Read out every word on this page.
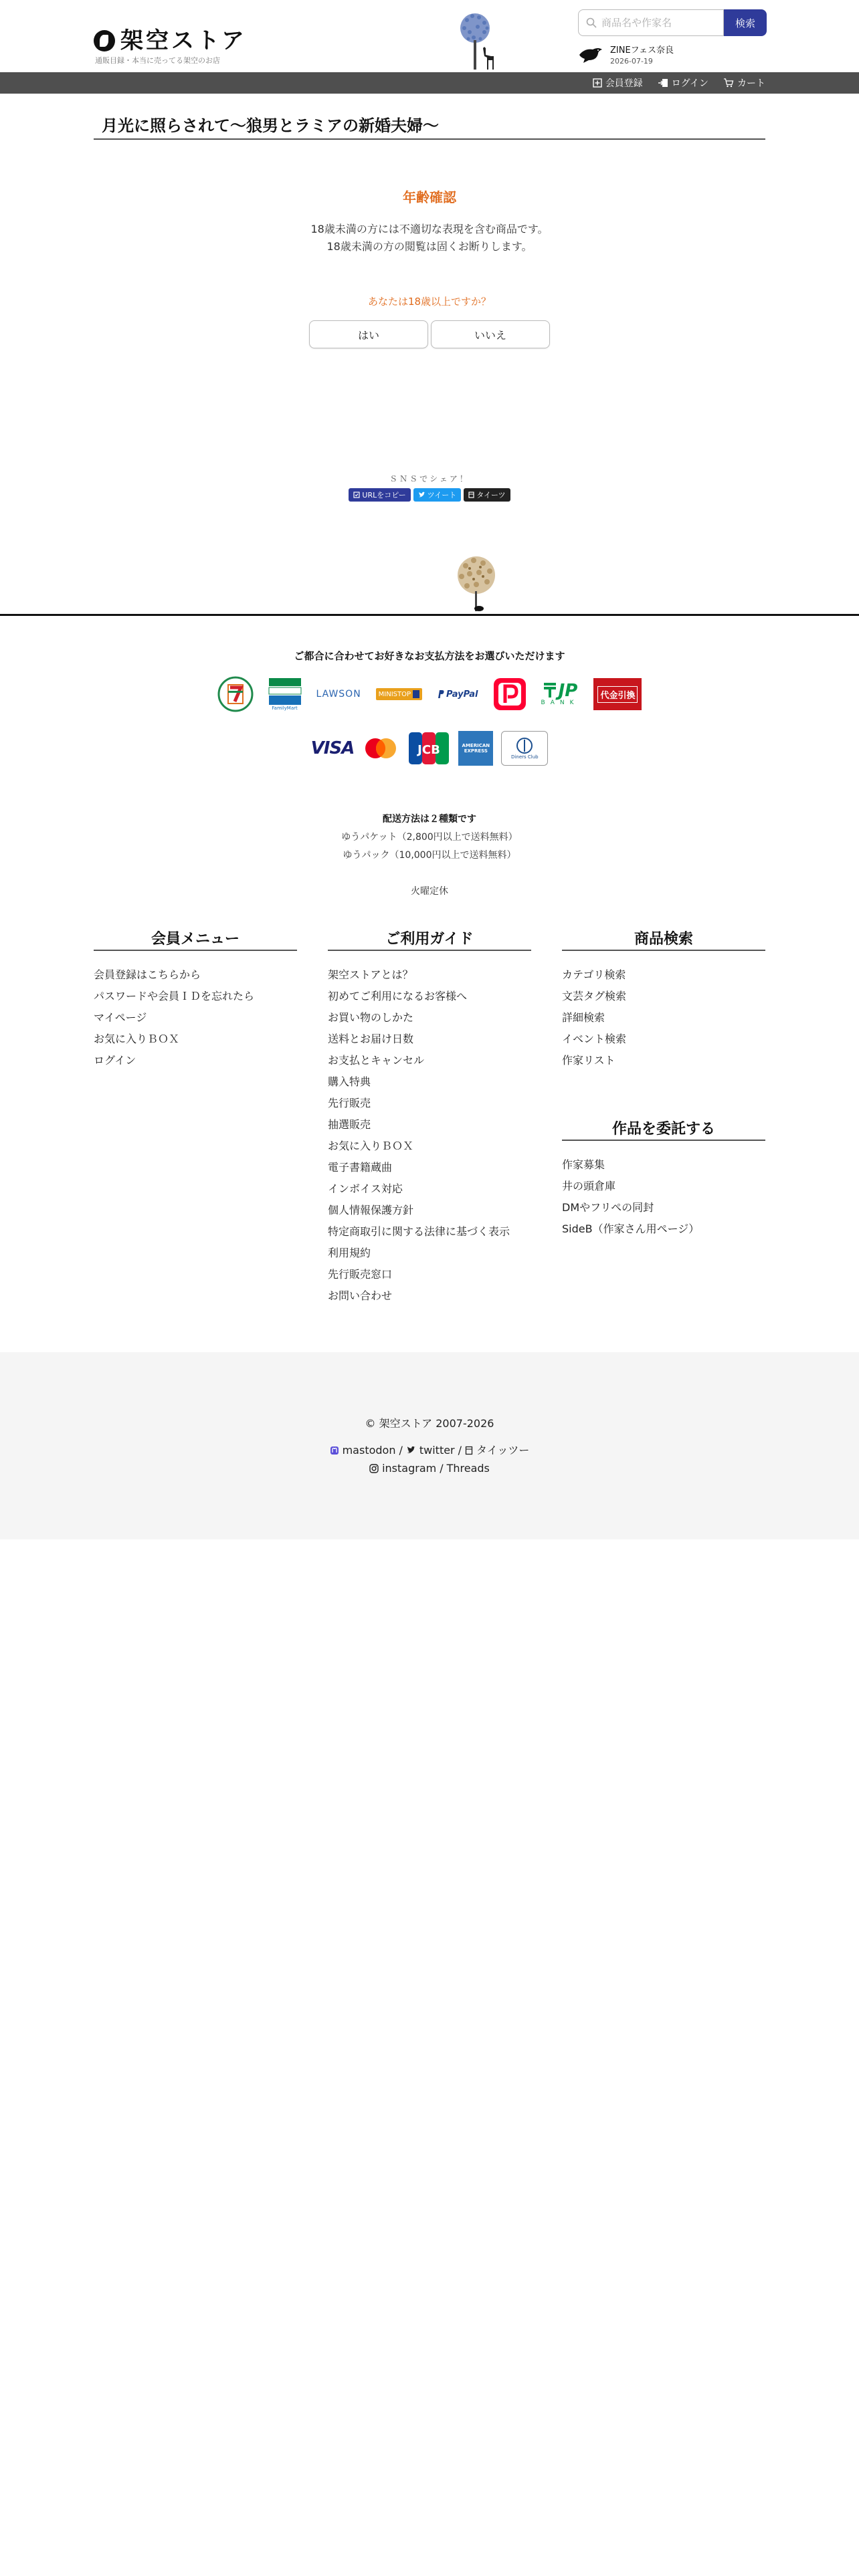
架空ストア
通販目録・本当に売ってる架空のお店
商品名や作家名
検索
ZINEフェス奈良
2026-07-19
会員登録	ログイン	カート
月光に照らされて〜狼男とラミアの新婚夫婦〜
年齢確認
18歳未満の方には不適切な表現を含む商品です。
18歳未満の方の閲覧は固くお断りします。
あなたは18歳以上ですか？
はい	いいえ
ＳＮＳでシェア！
URLをコピー	ツイート	タイーツ
ご都合に合わせてお好きなお支払方法をお選びいただけます
FamilyMart
LAWSON	MINISTOP	PayPal	JP
BANK
代金引換
VISA	JCB	AMERICAN
EXPRESS
Diners Club
配送方法は２種類です
ゆうパケット（2,800円以上で送料無料）
ゆうパック（10,000円以上で送料無料）
火曜定休
会員メニュー
会員登録はこちらから
パスワードや会員ＩＤを忘れたら
マイページ
お気に入りＢＯＸ
ログイン
ご利用ガイド
架空ストアとは？
初めてご利用になるお客様へ
お買い物のしかた
送料とお届け日数
お支払とキャンセル
購入特典
先行販売
抽選販売
お気に入りＢＯＸ
電子書籍蔵曲
インボイス対応
個人情報保護方針
特定商取引に関する法律に基づく表示
利用規約
先行販売窓口
お問い合わせ
商品検索
カテゴリ検索
文芸タグ検索
詳細検索
イベント検索
作家リスト
作品を委託する
作家募集
井の頭倉庫
DMやフリペの同封
SideB（作家さん用ページ）
© 架空ストア 2007-2026
mastodon / twitter / タイッツー
instagram / Threads
